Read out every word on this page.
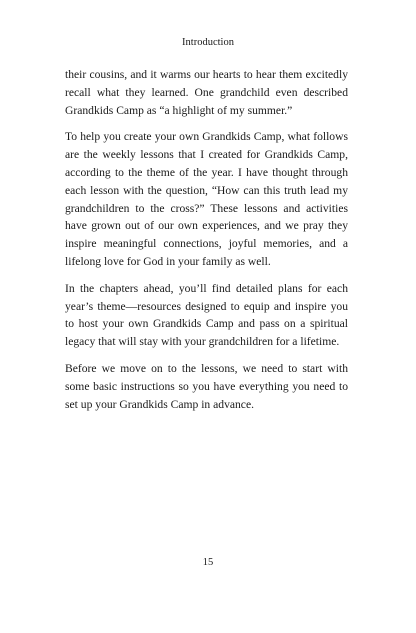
Introduction

their cousins, and it warms our hearts to hear them excitedly recall what they learned. One grandchild even described Grandkids Camp as “a highlight of my summer.”

To help you create your own Grandkids Camp, what follows are the weekly lessons that I created for Grandkids Camp, according to the theme of the year. I have thought through each lesson with the question, “How can this truth lead my grandchildren to the cross?” These lessons and activities have grown out of our own experiences, and we pray they inspire meaningful connections, joyful memories, and a lifelong love for God in your family as well.

In the chapters ahead, you’ll find detailed plans for each year’s theme—resources designed to equip and inspire you to host your own Grandkids Camp and pass on a spiritual legacy that will stay with your grandchildren for a lifetime.

Before we move on to the lessons, we need to start with some basic instructions so you have everything you need to set up your Grandkids Camp in advance.

15
